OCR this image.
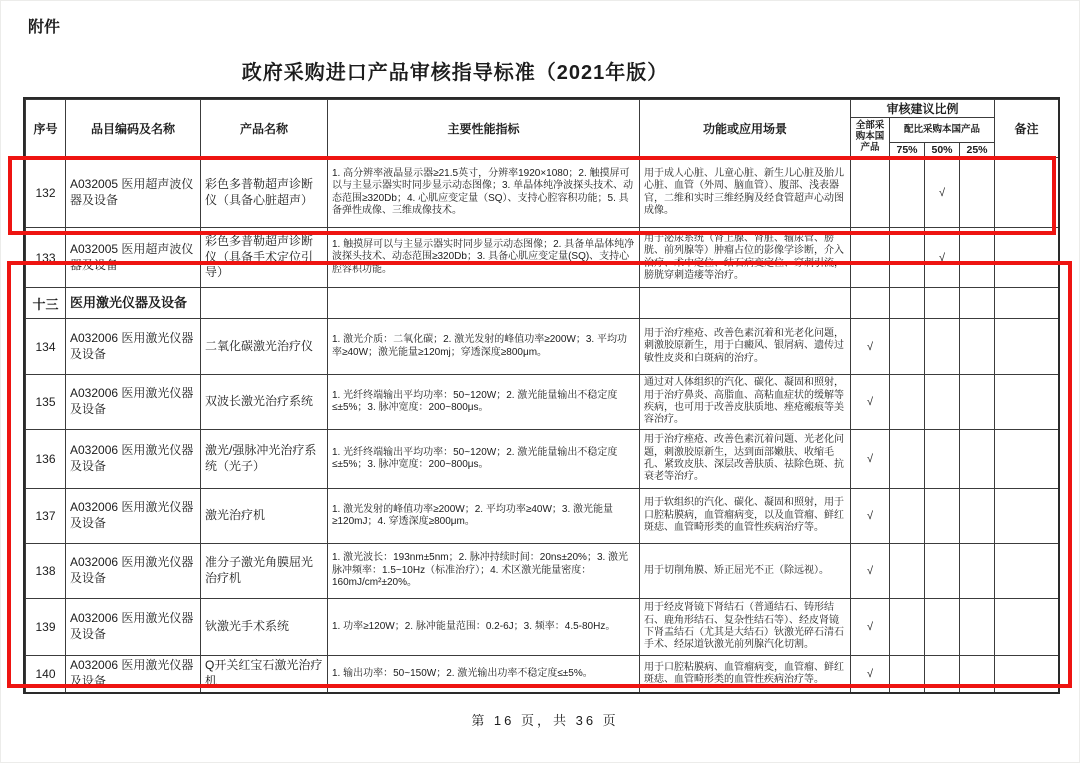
附件
政府采购进口产品审核指导标准（2021年版）
序号	品目编码及名称	产品名称	主要性能指标	功能或应用场景	审核建议比例				备注
					全部采购本国产品	配比采购本国产品			
						75%	50%	25%	
132	A032005 医用超声波仪器及设备	彩色多普勒超声诊断仪（具备心脏超声）	1. 高分辨率液晶显示器≥21.5英寸，分辨率1920×1080；2. 触摸屏可以与主显示器实时同步显示动态图像；3. 单晶体纯净波探头技术、动态范围≥320Db；4. 心肌应变定量（SQ）、支持心腔容积功能；5. 具备弹性成像、三维成像技术。	用于成人心脏、儿童心脏、新生儿心脏及胎儿心脏、血管（外周、脑血管）、腹部、浅表器官，二维和实时三维经胸及经食管超声心动图成像。			√		
133	A032005 医用超声波仪器及设备	彩色多普勒超声诊断仪（具备手术定位引导）	1. 触摸屏可以与主显示器实时同步显示动态图像；2. 具备单晶体纯净波探头技术、动态范围≥320Db；3. 具备心肌应变定量(SQ)、支持心腔容积功能。	用于泌尿系统（肾上腺、肾脏、输尿管、膀胱、前列腺等）肿瘤占位的影像学诊断，介入治疗、术中定位、结石病变定位、穿刺引流，膀胱穿刺造瘘等治疗。			√		
十三	医用激光仪器及设备								
134	A032006 医用激光仪器及设备	二氧化碳激光治疗仪	1. 激光介质：二氧化碳；2. 激光发射的峰值功率≥200W；3. 平均功率≥40W；激光能量≥120mj；穿透深度≥800μm。	用于治疗痤疮、改善色素沉着和光老化问题，刺激胶原新生，用于白癜风、银屑病、遗传过敏性皮炎和白斑病的治疗。	√				
135	A032006 医用激光仪器及设备	双波长激光治疗系统	1. 光纤终端输出平均功率：50~120W；2. 激光能量输出不稳定度≤±5%；3. 脉冲宽度：200~800μs。	通过对人体组织的汽化、碳化、凝固和照射，用于治疗鼻炎、高脂血、高粘血症状的缓解等疾病，也可用于改善皮肤质地、痤疮瘢痕等美容治疗。	√				
136	A032006 医用激光仪器及设备	激光/强脉冲光治疗系统（光子）	1. 光纤终端输出平均功率：50~120W；2. 激光能量输出不稳定度≤±5%；3. 脉冲宽度：200~800μs。	用于治疗痤疮、改善色素沉着问题、光老化问题，刺激胶原新生，达到面部嫩肤、收缩毛孔、紧致皮肤、深层改善肤质、祛除色斑、抗衰老等治疗。	√				
137	A032006 医用激光仪器及设备	激光治疗机	1. 激光发射的峰值功率≥200W；2. 平均功率≥40W；3. 激光能量≥120mJ；4. 穿透深度≥800μm。	用于软组织的汽化、碳化、凝固和照射，用于口腔粘膜病，血管瘤病变，以及血管瘤、鲜红斑痣、血管畸形类的血管性疾病治疗等。	√				
138	A032006 医用激光仪器及设备	准分子激光角膜屈光治疗机	1. 激光波长：193nm±5nm；2. 脉冲持续时间：20ns±20%；3. 激光脉冲频率：1.5~10Hz（标准治疗）；4. 术区激光能量密度：160mJ/cm²±20%。	用于切削角膜、矫正屈光不正（除远视）。	√				
139	A032006 医用激光仪器及设备	钬激光手术系统	1. 功率≥120W；2. 脉冲能量范围：0.2-6J；3. 频率：4.5-80Hz。	用于经皮肾镜下肾结石（普通结石、铸形结石、鹿角形结石、复杂性结石等）、经皮肾镜下肾盂结石（尤其是大结石）钬激光碎石清石手术、经尿道钬激光前列腺汽化切割。	√				
140	A032006 医用激光仪器及设备	Q开关红宝石激光治疗机	1. 输出功率：50~150W；2. 激光输出功率不稳定度≤±5%。	用于口腔粘膜病、血管瘤病变，血管瘤、鲜红斑痣、血管畸形类的血管性疾病治疗等。	√				
第 16 页，共 36 页
